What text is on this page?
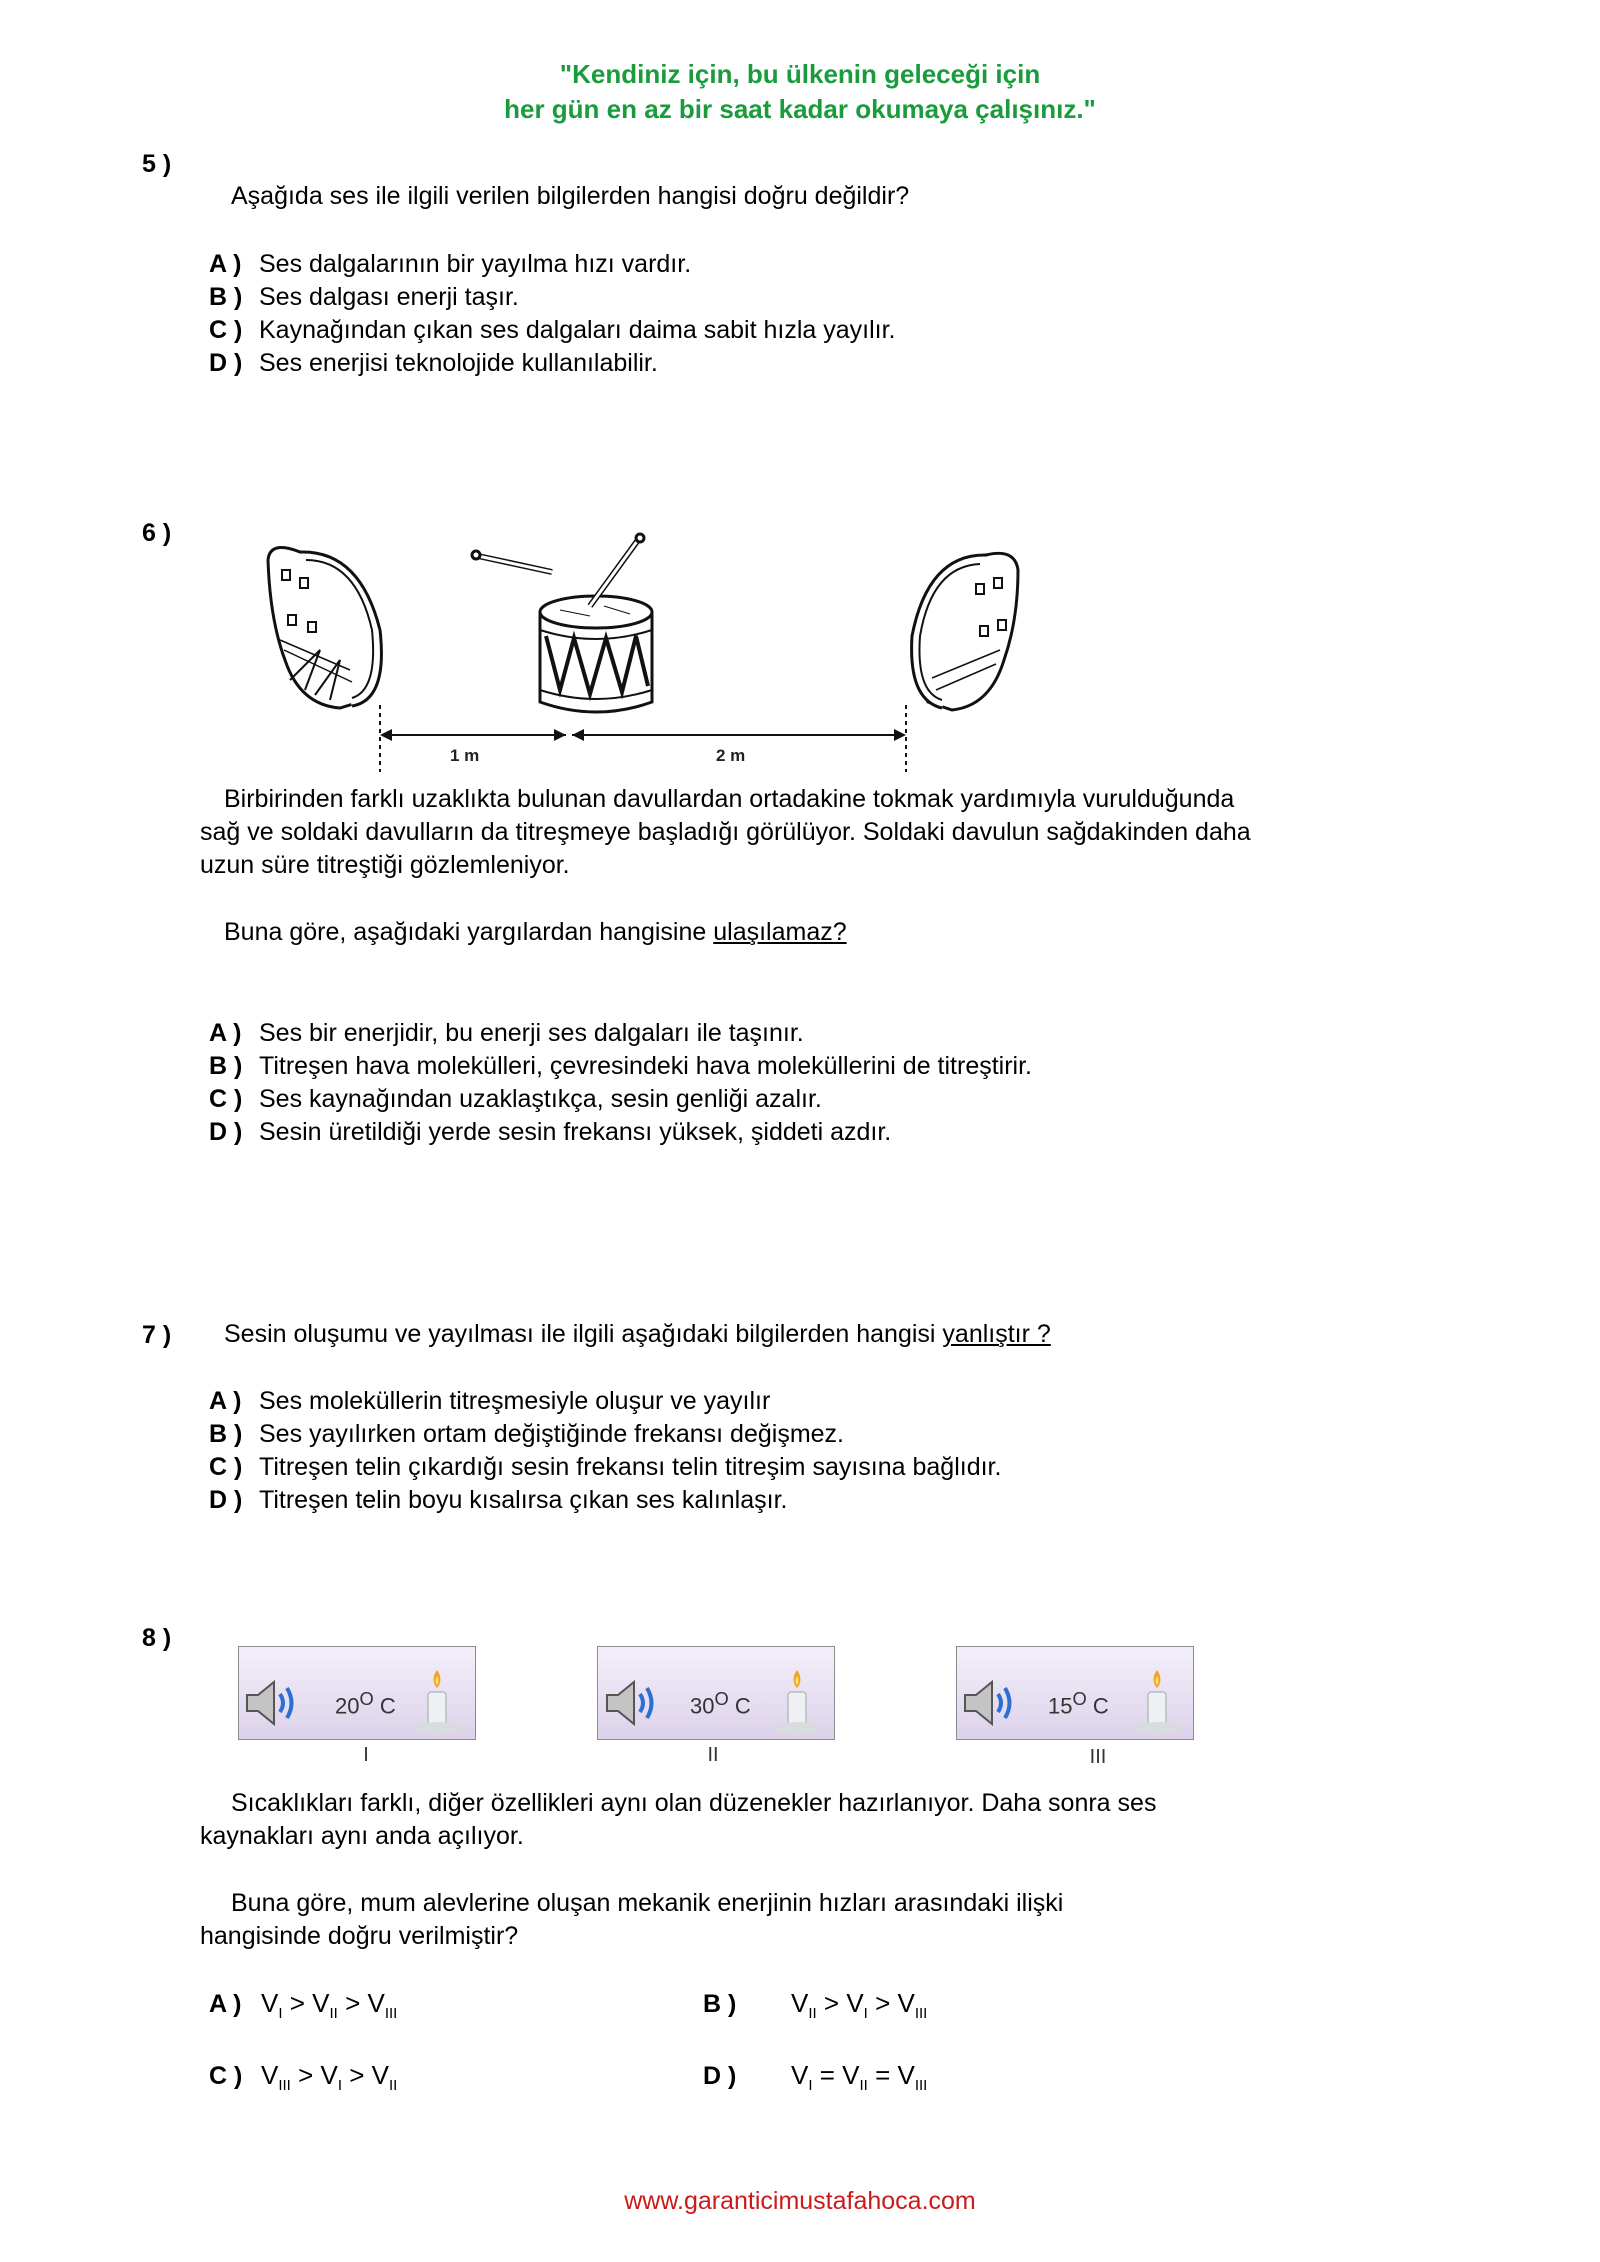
"Kendiniz için, bu ülkenin geleceği için
her gün en az bir saat kadar okumaya çalışınız."
5 )
Aşağıda ses ile ilgili verilen bilgilerden hangisi doğru değildir?
A ) Ses dalgalarının bir yayılma hızı vardır.
B ) Ses dalgası enerji taşır.
C ) Kaynağından çıkan ses dalgaları daima sabit hızla yayılır.
D ) Ses enerjisi teknolojide kullanılabilir.
6 )
1 m	2 m
Birbirinden farklı uzaklıkta bulunan davullardan ortadakine tokmak yardımıyla vurulduğunda
sağ ve soldaki davulların da titreşmeye başladığı görülüyor. Soldaki davulun sağdakinden daha
uzun süre titreştiği gözlemleniyor.
Buna göre, aşağıdaki yargılardan hangisine ulaşılamaz?
A ) Ses bir enerjidir, bu enerji ses dalgaları ile taşınır.
B ) Titreşen hava molekülleri, çevresindeki hava moleküllerini de titreştirir.
C ) Ses kaynağından uzaklaştıkça, sesin genliği azalır.
D ) Sesin üretildiği yerde sesin frekansı yüksek, şiddeti azdır.
7 ) Sesin oluşumu ve yayılması ile ilgili aşağıdaki bilgilerden hangisi yanlıştır ?
A ) Ses moleküllerin titreşmesiyle oluşur ve yayılır
B ) Ses yayılırken ortam değiştiğinde frekansı değişmez.
C ) Titreşen telin çıkardığı sesin frekansı telin titreşim sayısına bağlıdır.
D ) Titreşen telin boyu kısalırsa çıkan ses kalınlaşır.
8 )
$20^O$ C	$30^O$ C	$15^O$ C
I	II	III
Sıcaklıkları farklı, diğer özellikleri aynı olan düzenekler hazırlanıyor. Daha sonra ses
kaynakları aynı anda açılıyor.
Buna göre, mum alevlerine oluşan mekanik enerjinin hızları arasındaki ilişki
hangisinde doğru verilmiştir?
A ) $V_I > V_{II} > V_{III}$	B ) $V_{II} > V_I > V_{III}$
C ) $V_{III} > V_I > V_{II}$	D ) $V_I = V_{II} = V_{III}$
www.garanticimustafahoca.com
